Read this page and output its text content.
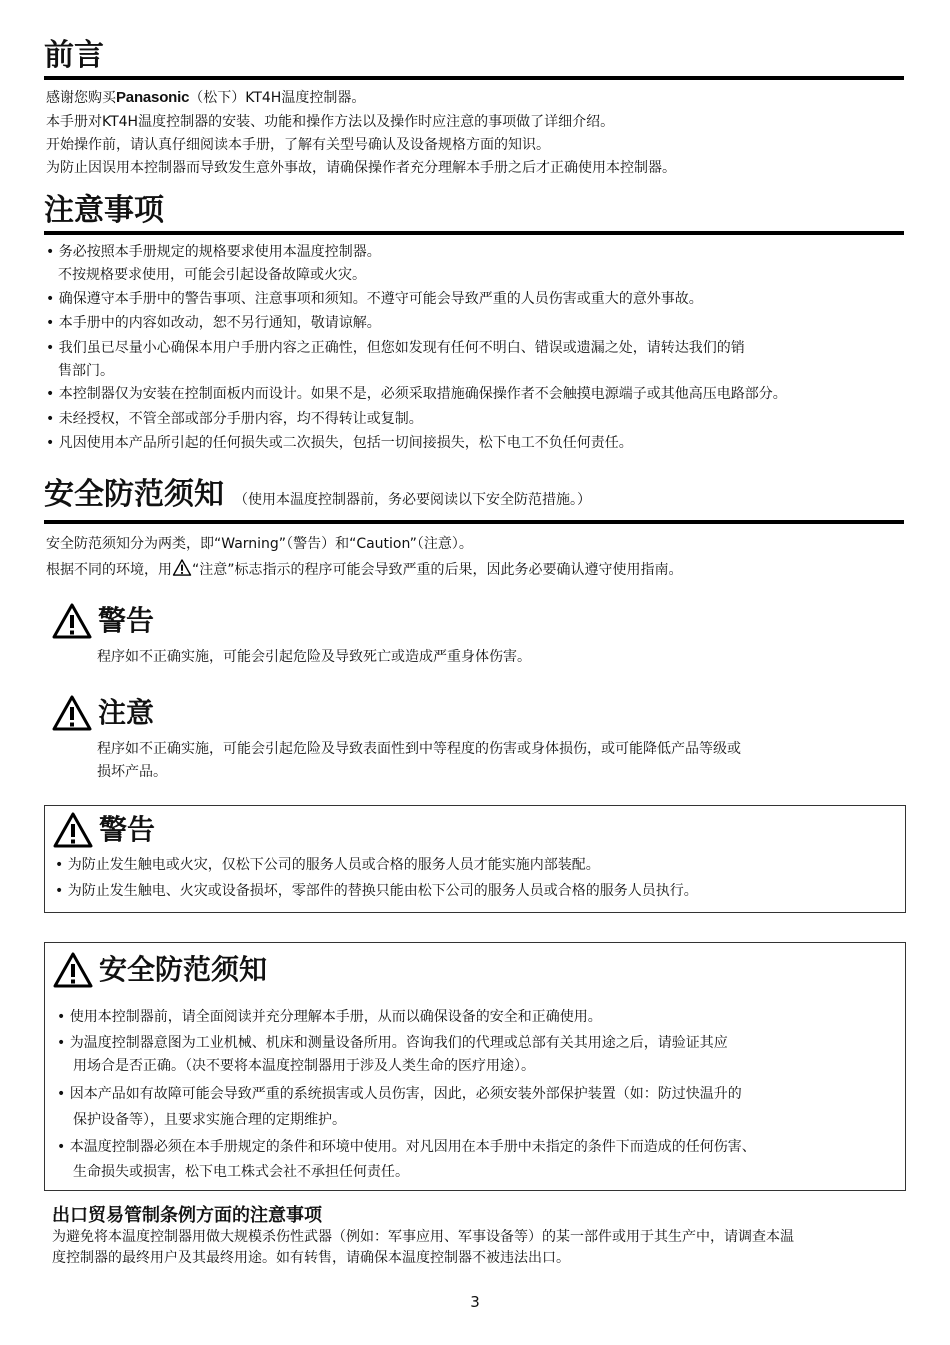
前言
感谢您购买Panasonic（松下）KT4H温度控制器。
本手册对KT4H温度控制器的安装、功能和操作方法以及操作时应注意的事项做了详细介绍。
开始操作前，请认真仔细阅读本手册，了解有关型号确认及设备规格方面的知识。
为防止因误用本控制器而导致发生意外事故，请确保操作者充分理解本手册之后才正确使用本控制器。
注意事项
• 务必按照本手册规定的规格要求使用本温度控制器。
不按规格要求使用，可能会引起设备故障或火灾。
• 确保遵守本手册中的警告事项、注意事项和须知。不遵守可能会导致严重的人员伤害或重大的意外事故。
• 本手册中的内容如改动，恕不另行通知，敬请谅解。
• 我们虽已尽量小心确保本用户手册内容之正确性，但您如发现有任何不明白、错误或遗漏之处，请转达我们的销
售部门。
• 本控制器仅为安装在控制面板内而设计。如果不是，必须采取措施确保操作者不会触摸电源端子或其他高压电路部分。
• 未经授权，不管全部或部分手册内容，均不得转让或复制。
• 凡因使用本产品所引起的任何损失或二次损失，包括一切间接损失，松下电工不负任何责任。
安全防范须知 （使用本温度控制器前，务必要阅读以下安全防范措施。）
安全防范须知分为两类，即“Warning”（警告）和“Caution”（注意）。
根据不同的环境，用 “注意”标志指示的程序可能会导致严重的后果，因此务必要确认遵守使用指南。
警告
程序如不正确实施，可能会引起危险及导致死亡或造成严重身体伤害。
注意
程序如不正确实施，可能会引起危险及导致表面性到中等程度的伤害或身体损伤，或可能降低产品等级或
损坏产品。
警告
• 为防止发生触电或火灾，仅松下公司的服务人员或合格的服务人员才能实施内部装配。
• 为防止发生触电、火灾或设备损坏，零部件的替换只能由松下公司的服务人员或合格的服务人员执行。
安全防范须知
• 使用本控制器前，请全面阅读并充分理解本手册，从而以确保设备的安全和正确使用。
• 为温度控制器意图为工业机械、机床和测量设备所用。咨询我们的代理或总部有关其用途之后，请验证其应
用场合是否正确。（决不要将本温度控制器用于涉及人类生命的医疗用途）。
• 因本产品如有故障可能会导致严重的系统损害或人员伤害，因此，必须安装外部保护装置（如：防过快温升的
保护设备等），且要求实施合理的定期维护。
• 本温度控制器必须在本手册规定的条件和环境中使用。对凡因用在本手册中未指定的条件下而造成的任何伤害、
生命损失或损害，松下电工株式会社不承担任何责任。
出口贸易管制条例方面的注意事项
为避免将本温度控制器用做大规模杀伤性武器（例如：军事应用、军事设备等）的某一部件或用于其生产中，请调查本温
度控制器的最终用户及其最终用途。如有转售，请确保本温度控制器不被违法出口。
3
